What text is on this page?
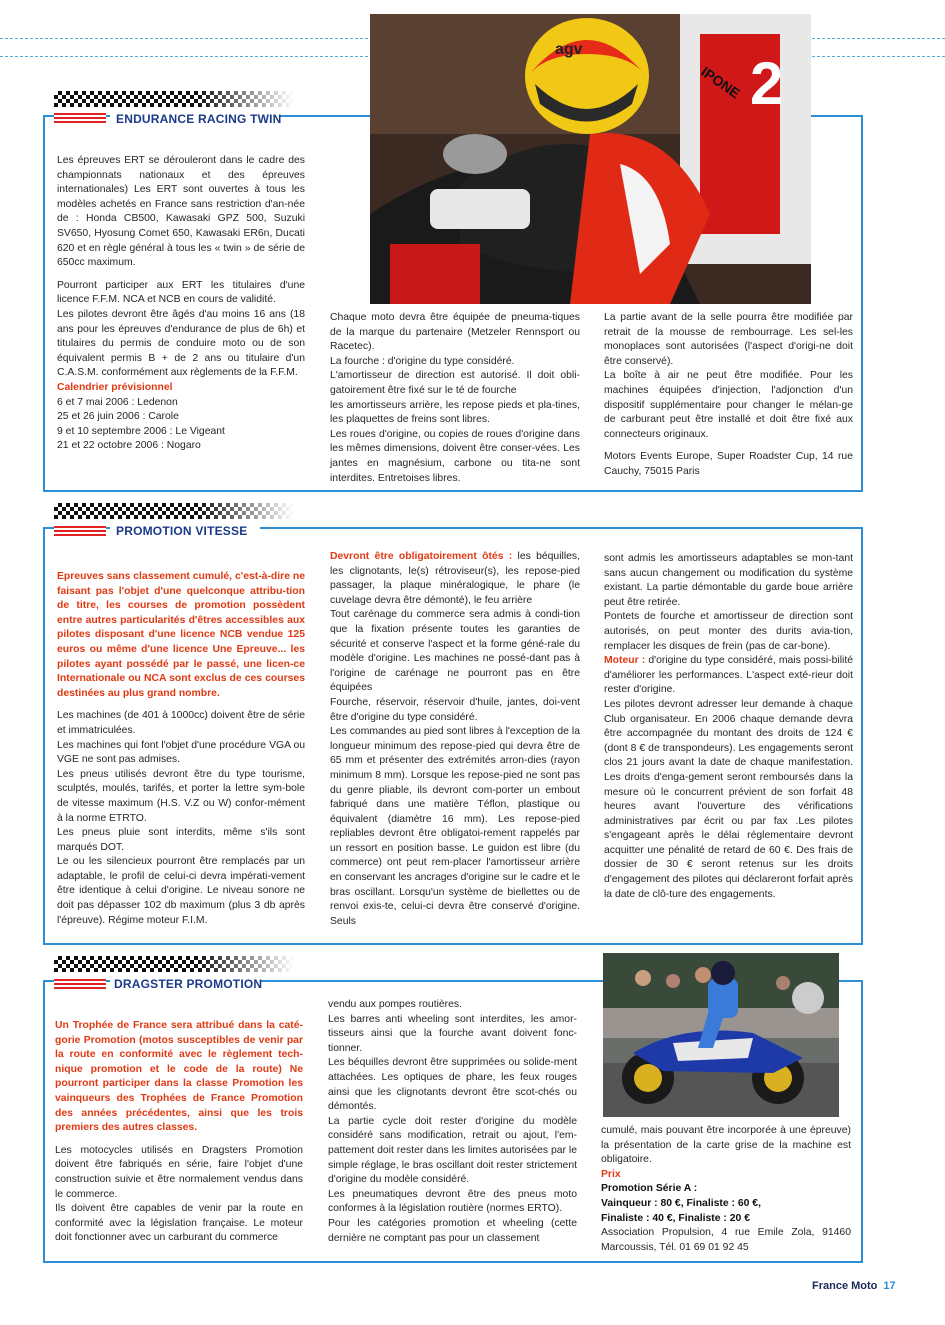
ENDURANCE RACING TWIN
2
IPONE
agv

Les épreuves ERT se dérouleront dans le cadre des championnats nationaux et des épreuves internationales) Les ERT sont ouvertes à tous les modèles achetés en France sans restriction d'an-née de : Honda CB500, Kawasaki GPZ 500, Suzuki SV650, Hyosung Comet 650, Kawasaki ER6n, Ducati 620 et en règle général à tous les « twin » de série de 650cc maximum.

Pourront participer aux ERT les titulaires d'une licence F.F.M. NCA et NCB en cours de validité.

Les pilotes devront être âgés d'au moins 16 ans (18 ans pour les épreuves d'endurance de plus de 6h) et titulaires du permis de conduire moto ou de son équivalent permis B + de 2 ans ou titulaire d'un C.A.S.M. conformément aux règlements de la F.F.M.

Calendrier prévisionnel

6 et 7 mai 2006 : Ledenon

25 et 26 juin 2006 : Carole

9 et 10 septembre 2006 : Le Vigeant

21 et 22 octobre 2006 : Nogaro

Chaque moto devra être équipée de pneuma-tiques de la marque du partenaire (Metzeler Rennsport ou Racetec).

La fourche : d'origine du type considéré.

L'amortisseur de direction est autorisé. Il doit obli-gatoirement être fixé sur le té de fourche

les amortisseurs arrière, les repose pieds et pla-tines, les plaquettes de freins sont libres.

Les roues d'origine, ou copies de roues d'origine dans les mêmes dimensions, doivent être conser-vées. Les jantes en magnésium, carbone ou tita-ne sont interdites. Entretoises libres.

La partie avant de la selle pourra être modifiée par retrait de la mousse de rembourrage. Les sel-les monoplaces sont autorisées (l'aspect d'origi-ne doit être conservé).

La boîte à air ne peut être modifiée. Pour les machines équipées d'injection, l'adjonction d'un dispositif supplémentaire pour changer le mélan-ge de carburant peut être installé et doit être fixé aux connecteurs originaux.

Motors Events Europe, Super Roadster Cup, 14 rue Cauchy, 75015 Paris

PROMOTION VITESSE

Epreuves sans classement cumulé, c'est-à-dire ne faisant pas l'objet d'une quelconque attribu-tion de titre, les courses de promotion possèdent entre autres particularités d'êtres accessibles aux pilotes disposant d'une licence NCB vendue 125 euros ou même d'une licence Une Epreuve... les pilotes ayant possédé par le passé, une licen-ce Internationale ou NCA sont exclus de ces courses destinées au plus grand nombre.

Les machines (de 401 à 1000cc) doivent être de série et immatriculées.

Les machines qui font l'objet d'une procédure VGA ou VGE ne sont pas admises.

Les pneus utilisés devront être du type tourisme, sculptés, moulés, tarifés, et porter la lettre sym-bole de vitesse maximum (H.S. V.Z ou W) confor-mément à la norme ETRTO.

Les pneus pluie sont interdits, même s'ils sont marqués DOT.

Le ou les silencieux pourront être remplacés par un adaptable, le profil de celui-ci devra impérati-vement être identique à celui d'origine. Le niveau sonore ne doit pas dépasser 102 db maximum (plus 3 db après l'épreuve). Régime moteur F.I.M.

Devront être obligatoirement ôtés : les béquilles, les clignotants, le(s) rétroviseur(s), les repose-pied passager, la plaque minéralogique, le phare (le cuvelage devra être démonté), le feu arrière

Tout carénage du commerce sera admis à condi-tion que la fixation présente toutes les garanties de sécurité et conserve l'aspect et la forme géné-rale du modèle d'origine. Les machines ne possé-dant pas à l'origine de carénage ne pourront pas en être équipées

Fourche, réservoir, réservoir d'huile, jantes, doi-vent être d'origine du type considéré.

Les commandes au pied sont libres à l'exception de la longueur minimum des repose-pied qui devra être de 65 mm et présenter des extrémités arron-dies (rayon minimum 8 mm). Lorsque les repose-pied ne sont pas du genre pliable, ils devront com-porter un embout fabriqué dans une matière Téflon, plastique ou équivalent (diamètre 16 mm). Les repose-pied repliables devront être obligatoi-rement rappelés par un ressort en position basse. Le guidon est libre (du commerce) ont peut rem-placer l'amortisseur arrière en conservant les ancrages d'origine sur le cadre et le bras oscillant. Lorsqu'un système de biellettes ou de renvoi exis-te, celui-ci devra être conservé d'origine. Seuls

sont admis les amortisseurs adaptables se mon-tant sans aucun changement ou modification du système existant. La partie démontable du garde boue arrière peut être retirée.

Pontets de fourche et amortisseur de direction sont autorisés, on peut monter des durits avia-tion, remplacer les disques de frein (pas de car-bone).

Moteur : d'origine du type considéré, mais possi-bilité d'améliorer les performances. L'aspect exté-rieur doit rester d'origine.

Les pilotes devront adresser leur demande à chaque Club organisateur. En 2006 chaque demande devra être accompagnée du montant des droits de 124 € (dont 8 € de transpondeurs). Les engagements seront clos 21 jours avant la date de chaque manifestation. Les droits d'enga-gement seront remboursés dans la mesure où le concurrent prévient de son forfait 48 heures avant l'ouverture des vérifications administratives par écrit ou par fax .Les pilotes s'engageant après le délai réglementaire devront acquitter une pénalité de retard de 60 €. Des frais de dossier de 30 € seront retenus sur les droits d'engagement des pilotes qui déclareront forfait après la date de clô-ture des engagements.

DRAGSTER PROMOTION

Un Trophée de France sera attribué dans la caté-gorie Promotion (motos susceptibles de venir par la route en conformité avec le règlement tech-nique promotion et le code de la route) Ne pourront participer dans la classe Promotion les vainqueurs des Trophées de France Promotion des années précédentes, ainsi que les trois premiers des autres classes.

Les motocycles utilisés en Dragsters Promotion doivent être fabriqués en série, faire l'objet d'une construction suivie et être normalement vendus dans le commerce.

Ils doivent être capables de venir par la route en conformité avec la législation française. Le moteur doit fonctionner avec un carburant du commerce

vendu aux pompes routières.

Les barres anti wheeling sont interdites, les amor-tisseurs ainsi que la fourche avant doivent fonc-tionner.

Les béquilles devront être supprimées ou solide-ment attachées. Les optiques de phare, les feux rouges ainsi que les clignotants devront être scot-chés ou démontés.

La partie cycle doit rester d'origine du modèle considéré sans modification, retrait ou ajout, l'em-pattement doit rester dans les limites autorisées par le simple réglage, le bras oscillant doit rester strictement d'origine du modèle considéré.

Les pneumatiques devront être des pneus moto conformes à la législation routière (normes ERTO).

Pour les catégories promotion et wheeling (cette dernière ne comptant pas pour un classement

cumulé, mais pouvant être incorporée à une épreuve) la présentation de la carte grise de la machine est obligatoire.

Prix

Promotion Série A :

Vainqueur : 80 €, Finaliste : 60 €,

Finaliste : 40 €, Finaliste : 20 €

Association Propulsion, 4 rue Emile Zola, 91460 Marcoussis, Tél. 01 69 01 92 45

France Moto 17
